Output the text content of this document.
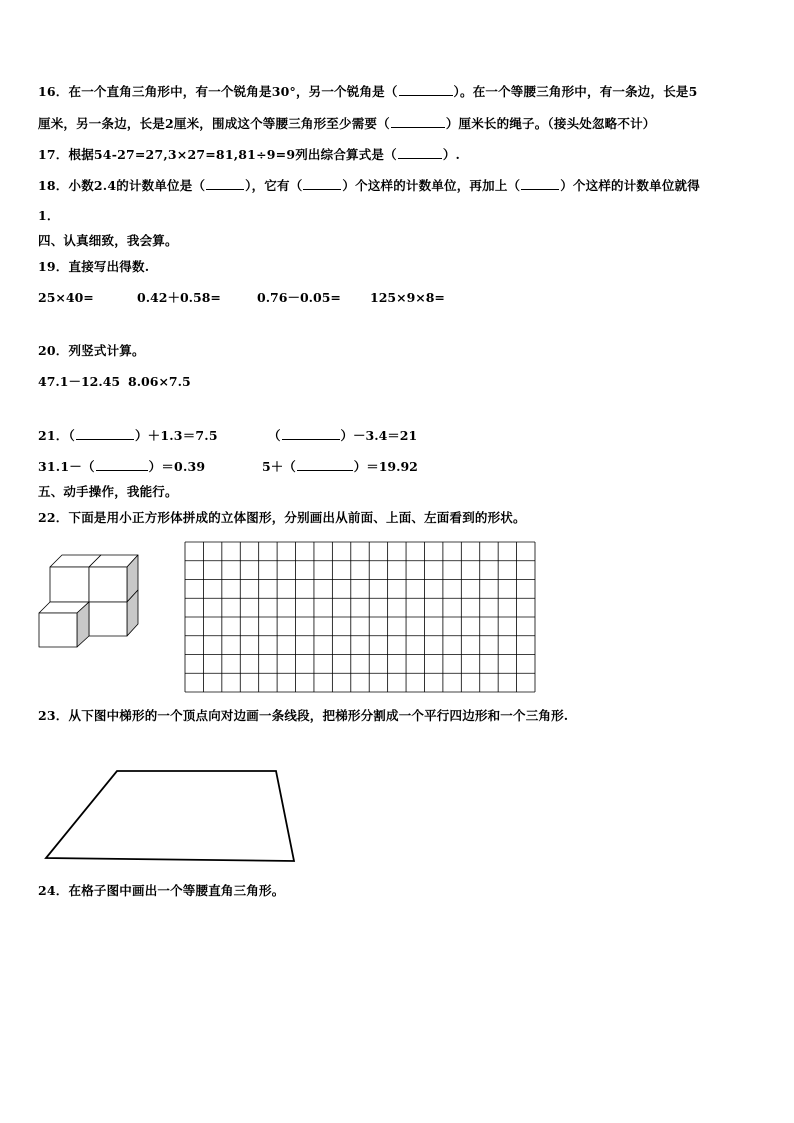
16．在一个直角三角形中，有一个锐角是30°，另一个锐角是（	）。在一个等腰三角形中，有一条边，长是5
厘米，另一条边，长是2厘米，围成这个等腰三角形至少需要（	）厘米长的绳子。（接头处忽略不计）
17．根据54-27=27,3×27=81,81÷9=9列出综合算式是（	）.
18．小数2.4的计数单位是（	），它有（	）个这样的计数单位，再加上（	）个这样的计数单位就得
1．
四、认真细致，我会算。
19．直接写出得数.
25×40=	0.42＋0.58=	0.76－0.05= 125×9×8=
20．列竖式计算。
47.1－12.45 8.06×7.5
21．（	）＋1.3＝7.5	（	）－3.4＝21
31.1－（	）＝0.39	5＋（	）＝19.92
五、动手操作，我能行。
22．下面是用小正方形体拼成的立体图形，分别画出从前面、上面、左面看到的形状。
23．从下图中梯形的一个顶点向对边画一条线段，把梯形分割成一个平行四边形和一个三角形.
24．在格子图中画出一个等腰直角三角形。
